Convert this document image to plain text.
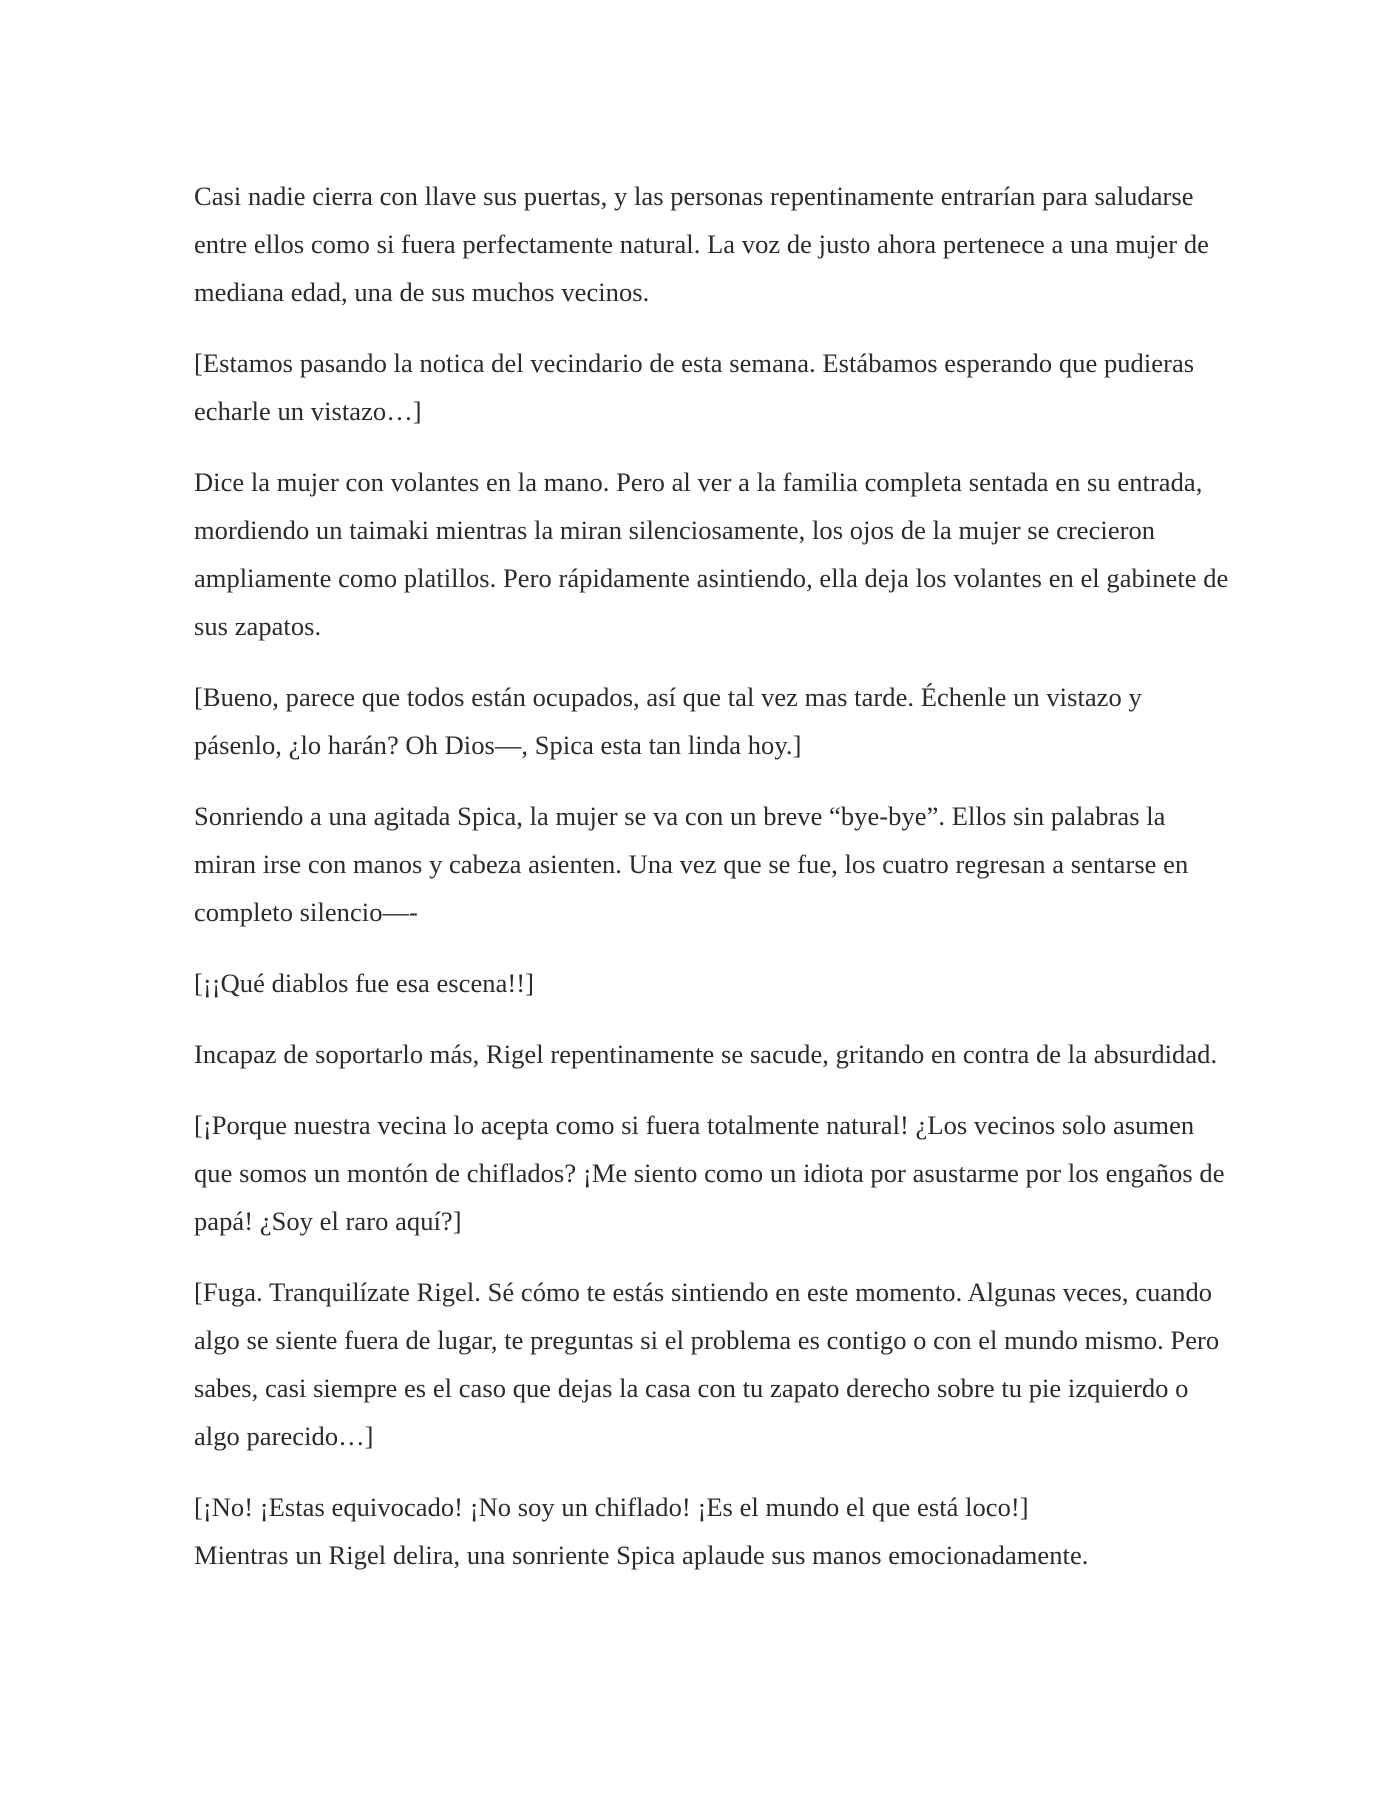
Casi nadie cierra con llave sus puertas, y las personas repentinamente entrarían para saludarse entre ellos como si fuera perfectamente natural. La voz de justo ahora pertenece a una mujer de mediana edad, una de sus muchos vecinos.

[Estamos pasando la notica del vecindario de esta semana. Estábamos esperando que pudieras echarle un vistazo…]

Dice la mujer con volantes en la mano. Pero al ver a la familia completa sentada en su entrada, mordiendo un taimaki mientras la miran silenciosamente, los ojos de la mujer se crecieron ampliamente como platillos. Pero rápidamente asintiendo, ella deja los volantes en el gabinete de sus zapatos.

[Bueno, parece que todos están ocupados, así que tal vez mas tarde. Échenle un vistazo y pásenlo, ¿lo harán? Oh Dios—, Spica esta tan linda hoy.]

Sonriendo a una agitada Spica, la mujer se va con un breve “bye-bye”. Ellos sin palabras la miran irse con manos y cabeza asienten. Una vez que se fue, los cuatro regresan a sentarse en completo silencio—-

[¡¡Qué diablos fue esa escena!!]

Incapaz de soportarlo más, Rigel repentinamente se sacude, gritando en contra de la absurdidad.

[¡Porque nuestra vecina lo acepta como si fuera totalmente natural! ¿Los vecinos solo asumen que somos un montón de chiflados? ¡Me siento como un idiota por asustarme por los engaños de papá! ¿Soy el raro aquí?]

[Fuga. Tranquilízate Rigel. Sé cómo te estás sintiendo en este momento. Algunas veces, cuando algo se siente fuera de lugar, te preguntas si el problema es contigo o con el mundo mismo. Pero sabes, casi siempre es el caso que dejas la casa con tu zapato derecho sobre tu pie izquierdo o algo parecido…]

[¡No! ¡Estas equivocado! ¡No soy un chiflado! ¡Es el mundo el que está loco!]

Mientras un Rigel delira, una sonriente Spica aplaude sus manos emocionadamente.
